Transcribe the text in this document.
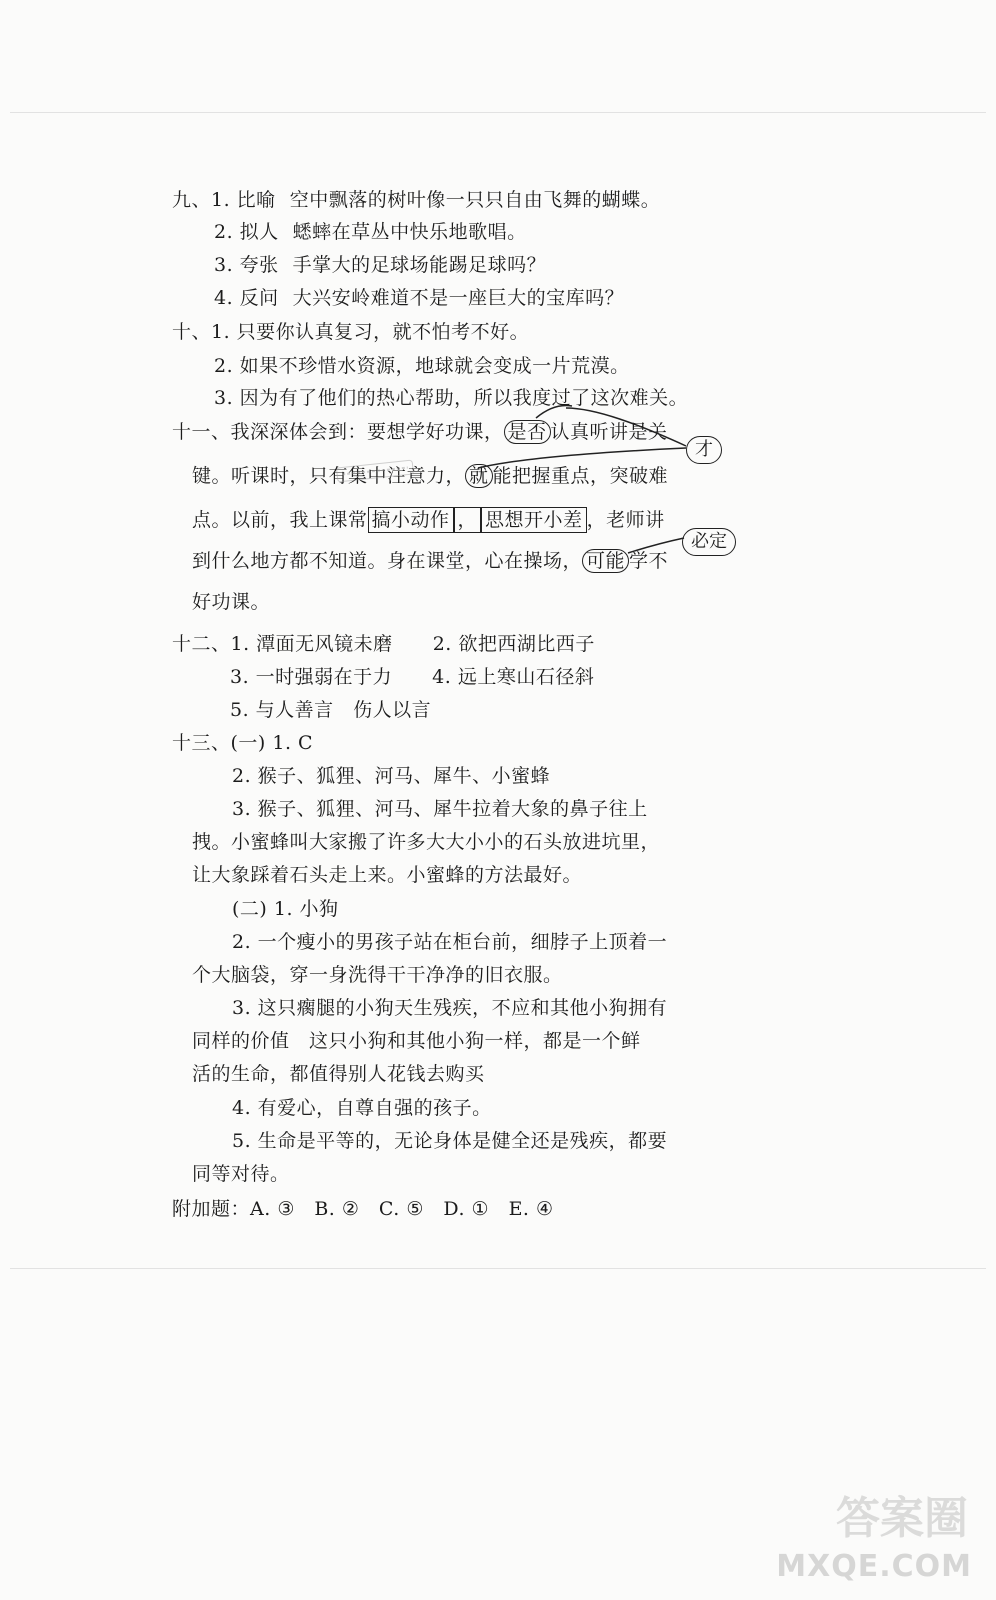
九、1. 比喻 空中飘落的树叶像一只只自由飞舞的蝴蝶。
2. 拟人 蟋蟀在草丛中快乐地歌唱。
3. 夸张 手掌大的足球场能踢足球吗？
4. 反问 大兴安岭难道不是一座巨大的宝库吗？
十、1. 只要你认真复习，就不怕考不好。
2. 如果不珍惜水资源，地球就会变成一片荒漠。
3. 因为有了他们的热心帮助，所以我度过了这次难关。
十一、我深深体会到：要想学好功课， 是否 认真听讲是关
键。听课时，只有集中注意力， 就 能把握重点，突破难
点。以前，我上课常 搞小动作 ， 思想开小差 ，老师讲
到什么地方都不知道。身在课堂，心在操场， 可能 学不
好功课。
才
必定
十二、1. 潭面无风镜未磨 2. 欲把西湖比西子
3. 一时强弱在于力 4. 远上寒山石径斜
5. 与人善言　伤人以言
十三、(一) 1. C
2. 猴子、狐狸、河马、犀牛、小蜜蜂
3. 猴子、狐狸、河马、犀牛拉着大象的鼻子往上
拽。小蜜蜂叫大家搬了许多大大小小的石头放进坑里，
让大象踩着石头走上来。小蜜蜂的方法最好。
(二) 1. 小狗
2. 一个瘦小的男孩子站在柜台前，细脖子上顶着一
个大脑袋，穿一身洗得干干净净的旧衣服。
3. 这只瘸腿的小狗天生残疾，不应和其他小狗拥有
同样的价值　这只小狗和其他小狗一样，都是一个鲜
活的生命，都值得别人花钱去购买
4. 有爱心，自尊自强的孩子。
5. 生命是平等的，无论身体是健全还是残疾，都要
同等对待。
附加题：A. ③　B. ②　C. ⑤　D. ①　E. ④
答案圈
MXQE.COM
